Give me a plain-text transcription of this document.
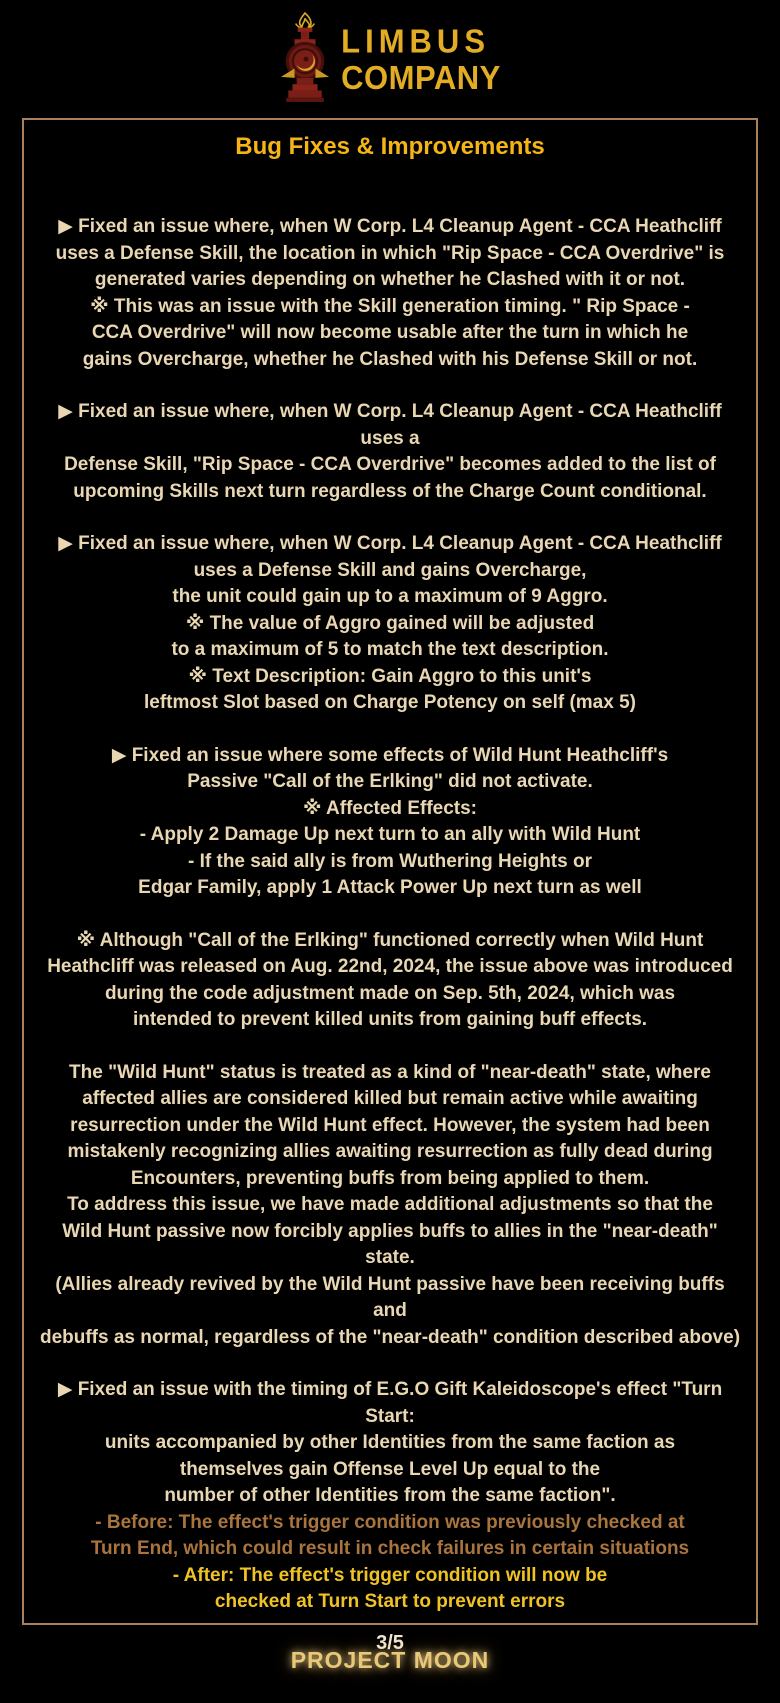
LIMBUS
COMPANY
Bug Fixes & Improvements

▶ Fixed an issue where, when W Corp. L4 Cleanup Agent - CCA Heathcliff
uses a Defense Skill, the location in which "Rip Space - CCA Overdrive" is
generated varies depending on whether he Clashed with it or not.
※ This was an issue with the Skill generation timing. " Rip Space -
CCA Overdrive" will now become usable after the turn in which he
gains Overcharge, whether he Clashed with his Defense Skill or not.

▶ Fixed an issue where, when W Corp. L4 Cleanup Agent - CCA Heathcliff uses a
Defense Skill, "Rip Space - CCA Overdrive" becomes added to the list of
upcoming Skills next turn regardless of the Charge Count conditional.

▶ Fixed an issue where, when W Corp. L4 Cleanup Agent - CCA Heathcliff
uses a Defense Skill and gains Overcharge,
the unit could gain up to a maximum of 9 Aggro.
※ The value of Aggro gained will be adjusted
to a maximum of 5 to match the text description.
※ Text Description: Gain Aggro to this unit's
leftmost Slot based on Charge Potency on self (max 5)

▶ Fixed an issue where some effects of Wild Hunt Heathcliff's
Passive "Call of the Erlking" did not activate.
※ Affected Effects:
- Apply 2 Damage Up next turn to an ally with Wild Hunt
- If the said ally is from Wuthering Heights or
Edgar Family, apply 1 Attack Power Up next turn as well

※ Although "Call of the Erlking" functioned correctly when Wild Hunt
Heathcliff was released on Aug. 22nd, 2024, the issue above was introduced
during the code adjustment made on Sep. 5th, 2024, which was
intended to prevent killed units from gaining buff effects.

The "Wild Hunt" status is treated as a kind of "near-death" state, where
affected allies are considered killed but remain active while awaiting
resurrection under the Wild Hunt effect. However, the system had been
mistakenly recognizing allies awaiting resurrection as fully dead during
Encounters, preventing buffs from being applied to them.
To address this issue, we have made additional adjustments so that the
Wild Hunt passive now forcibly applies buffs to allies in the "near-death" state.
(Allies already revived by the Wild Hunt passive have been receiving buffs and
debuffs as normal, regardless of the "near-death" condition described above)

▶ Fixed an issue with the timing of E.G.O Gift Kaleidoscope's effect "Turn Start:
units accompanied by other Identities from the same faction as
themselves gain Offense Level Up equal to the
number of other Identities from the same faction".
- Before: The effect's trigger condition was previously checked at
Turn End, which could result in check failures in certain situations
- After: The effect's trigger condition will now be
checked at Turn Start to prevent errors

3/5
PROJECT MOON
